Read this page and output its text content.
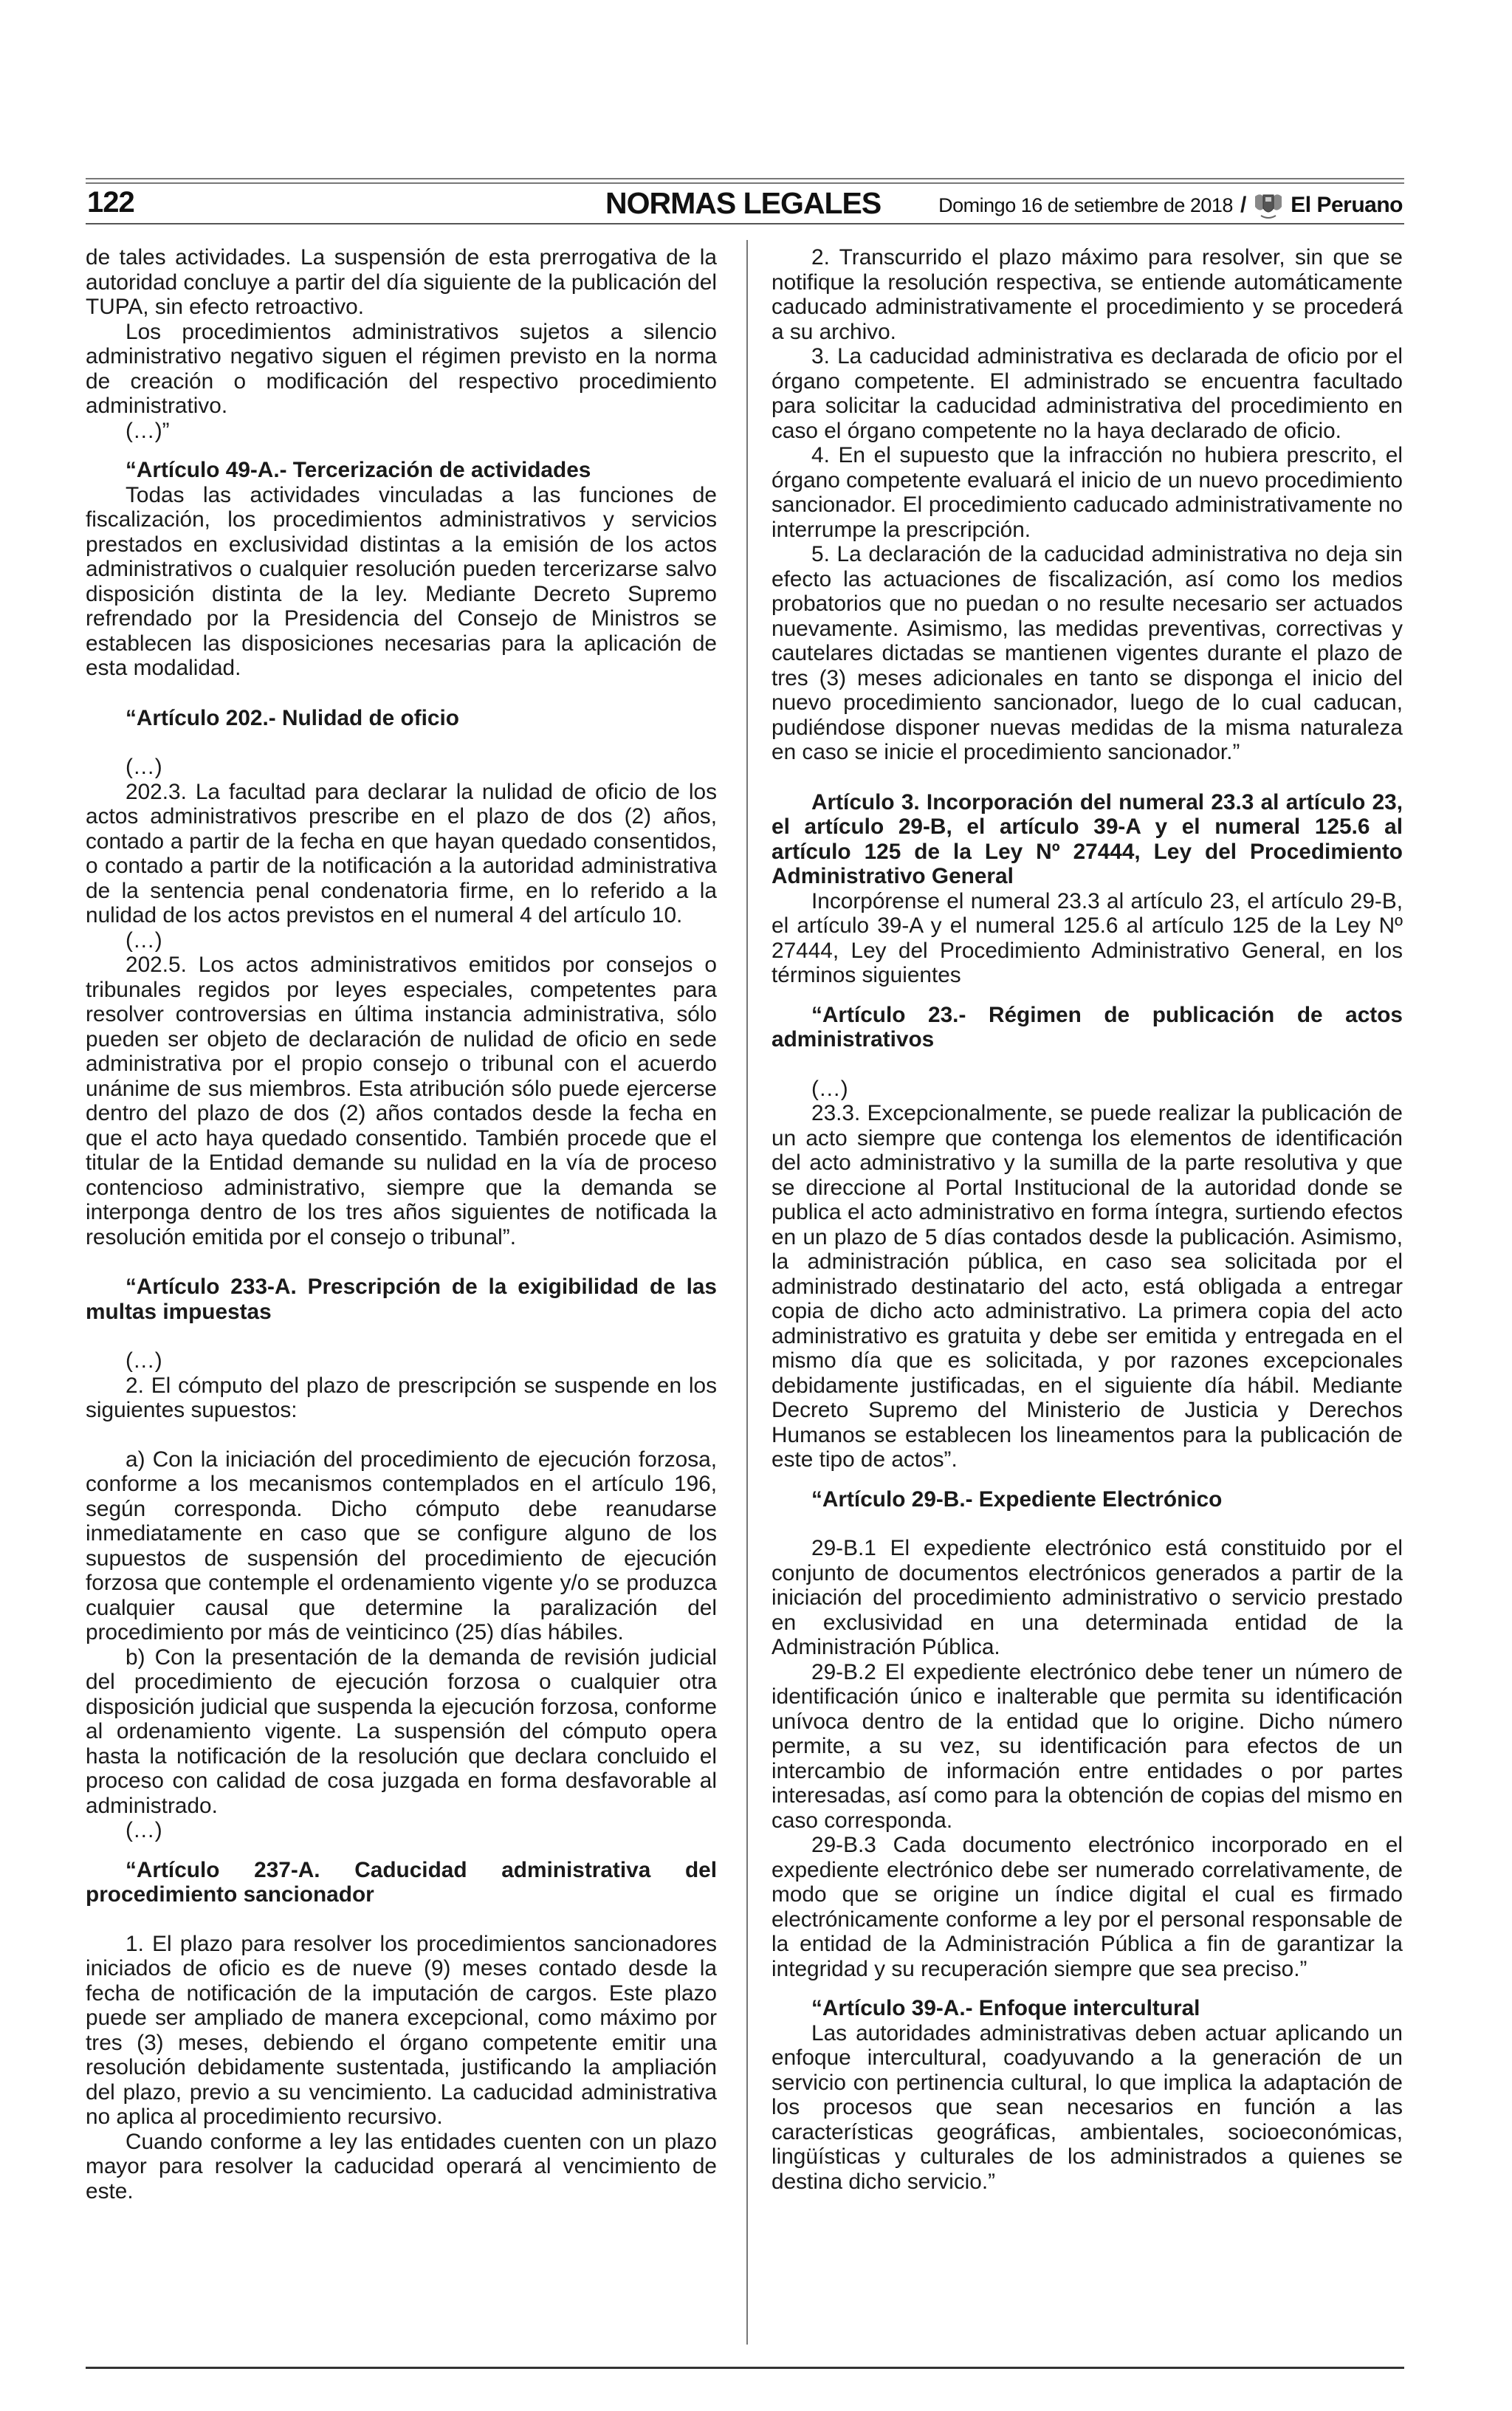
122	NORMAS LEGALES	Domingo 16 de setiembre de 2018 / El Peruano

de tales actividades. La suspensión de esta prerrogativa de la autoridad concluye a partir del día siguiente de la publicación del TUPA, sin efecto retroactivo.

Los procedimientos administrativos sujetos a silencio administrativo negativo siguen el régimen previsto en la norma de creación o modificación del respectivo procedimiento administrativo.

(…)”

“Artículo 49-A.- Tercerización de actividades

Todas las actividades vinculadas a las funciones de fiscalización, los procedimientos administrativos y servicios prestados en exclusividad distintas a la emisión de los actos administrativos o cualquier resolución pueden tercerizarse salvo disposición distinta de la ley. Mediante Decreto Supremo refrendado por la Presidencia del Consejo de Ministros se establecen las disposiciones necesarias para la aplicación de esta modalidad.

“Artículo 202.- Nulidad de oficio

(…)

202.3. La facultad para declarar la nulidad de oficio de los actos administrativos prescribe en el plazo de dos (2) años, contado a partir de la fecha en que hayan quedado consentidos, o contado a partir de la notificación a la autoridad administrativa de la sentencia penal condenatoria firme, en lo referido a la nulidad de los actos previstos en el numeral 4 del artículo 10.

(…)

202.5. Los actos administrativos emitidos por consejos o tribunales regidos por leyes especiales, competentes para resolver controversias en última instancia administrativa, sólo pueden ser objeto de declaración de nulidad de oficio en sede administrativa por el propio consejo o tribunal con el acuerdo unánime de sus miembros. Esta atribución sólo puede ejercerse dentro del plazo de dos (2) años contados desde la fecha en que el acto haya quedado consentido. También procede que el titular de la Entidad demande su nulidad en la vía de proceso contencioso administrativo, siempre que la demanda se interponga dentro de los tres años siguientes de notificada la resolución emitida por el consejo o tribunal”.

“Artículo 233-A. Prescripción de la exigibilidad de las multas impuestas

(…)

2. El cómputo del plazo de prescripción se suspende en los siguientes supuestos:

a) Con la iniciación del procedimiento de ejecución forzosa, conforme a los mecanismos contemplados en el artículo 196, según corresponda. Dicho cómputo debe reanudarse inmediatamente en caso que se configure alguno de los supuestos de suspensión del procedimiento de ejecución forzosa que contemple el ordenamiento vigente y/o se produzca cualquier causal que determine la paralización del procedimiento por más de veinticinco (25) días hábiles.

b) Con la presentación de la demanda de revisión judicial del procedimiento de ejecución forzosa o cualquier otra disposición judicial que suspenda la ejecución forzosa, conforme al ordenamiento vigente. La suspensión del cómputo opera hasta la notificación de la resolución que declara concluido el proceso con calidad de cosa juzgada en forma desfavorable al administrado.

(…)

“Artículo 237-A. Caducidad administrativa del procedimiento sancionador

1. El plazo para resolver los procedimientos sancionadores iniciados de oficio es de nueve (9) meses contado desde la fecha de notificación de la imputación de cargos. Este plazo puede ser ampliado de manera excepcional, como máximo por tres (3) meses, debiendo el órgano competente emitir una resolución debidamente sustentada, justificando la ampliación del plazo, previo a su vencimiento. La caducidad administrativa no aplica al procedimiento recursivo.

Cuando conforme a ley las entidades cuenten con un plazo mayor para resolver la caducidad operará al vencimiento de este.

2. Transcurrido el plazo máximo para resolver, sin que se notifique la resolución respectiva, se entiende automáticamente caducado administrativamente el procedimiento y se procederá a su archivo.

3. La caducidad administrativa es declarada de oficio por el órgano competente. El administrado se encuentra facultado para solicitar la caducidad administrativa del procedimiento en caso el órgano competente no la haya declarado de oficio.

4. En el supuesto que la infracción no hubiera prescrito, el órgano competente evaluará el inicio de un nuevo procedimiento sancionador. El procedimiento caducado administrativamente no interrumpe la prescripción.

5. La declaración de la caducidad administrativa no deja sin efecto las actuaciones de fiscalización, así como los medios probatorios que no puedan o no resulte necesario ser actuados nuevamente. Asimismo, las medidas preventivas, correctivas y cautelares dictadas se mantienen vigentes durante el plazo de tres (3) meses adicionales en tanto se disponga el inicio del nuevo procedimiento sancionador, luego de lo cual caducan, pudiéndose disponer nuevas medidas de la misma naturaleza en caso se inicie el procedimiento sancionador.”

Artículo 3. Incorporación del numeral 23.3 al artículo 23, el artículo 29-B, el artículo 39-A y el numeral 125.6 al artículo 125 de la Ley Nº 27444, Ley del Procedimiento Administrativo General

Incorpórense el numeral 23.3 al artículo 23, el artículo 29-B, el artículo 39-A y el numeral 125.6 al artículo 125 de la Ley Nº 27444, Ley del Procedimiento Administrativo General, en los términos siguientes

“Artículo 23.- Régimen de publicación de actos administrativos

(…)

23.3. Excepcionalmente, se puede realizar la publicación de un acto siempre que contenga los elementos de identificación del acto administrativo y la sumilla de la parte resolutiva y que se direccione al Portal Institucional de la autoridad donde se publica el acto administrativo en forma íntegra, surtiendo efectos en un plazo de 5 días contados desde la publicación. Asimismo, la administración pública, en caso sea solicitada por el administrado destinatario del acto, está obligada a entregar copia de dicho acto administrativo. La primera copia del acto administrativo es gratuita y debe ser emitida y entregada en el mismo día que es solicitada, y por razones excepcionales debidamente justificadas, en el siguiente día hábil. Mediante Decreto Supremo del Ministerio de Justicia y Derechos Humanos se establecen los lineamentos para la publicación de este tipo de actos”.

“Artículo 29-B.- Expediente Electrónico

29-B.1 El expediente electrónico está constituido por el conjunto de documentos electrónicos generados a partir de la iniciación del procedimiento administrativo o servicio prestado en exclusividad en una determinada entidad de la Administración Pública.

29-B.2 El expediente electrónico debe tener un número de identificación único e inalterable que permita su identificación unívoca dentro de la entidad que lo origine. Dicho número permite, a su vez, su identificación para efectos de un intercambio de información entre entidades o por partes interesadas, así como para la obtención de copias del mismo en caso corresponda.

29-B.3 Cada documento electrónico incorporado en el expediente electrónico debe ser numerado correlativamente, de modo que se origine un índice digital el cual es firmado electrónicamente conforme a ley por el personal responsable de la entidad de la Administración Pública a fin de garantizar la integridad y su recuperación siempre que sea preciso.”

“Artículo 39-A.- Enfoque intercultural

Las autoridades administrativas deben actuar aplicando un enfoque intercultural, coadyuvando a la generación de un servicio con pertinencia cultural, lo que implica la adaptación de los procesos que sean necesarios en función a las características geográficas, ambientales, socioeconómicas, lingüísticas y culturales de los administrados a quienes se destina dicho servicio.”
